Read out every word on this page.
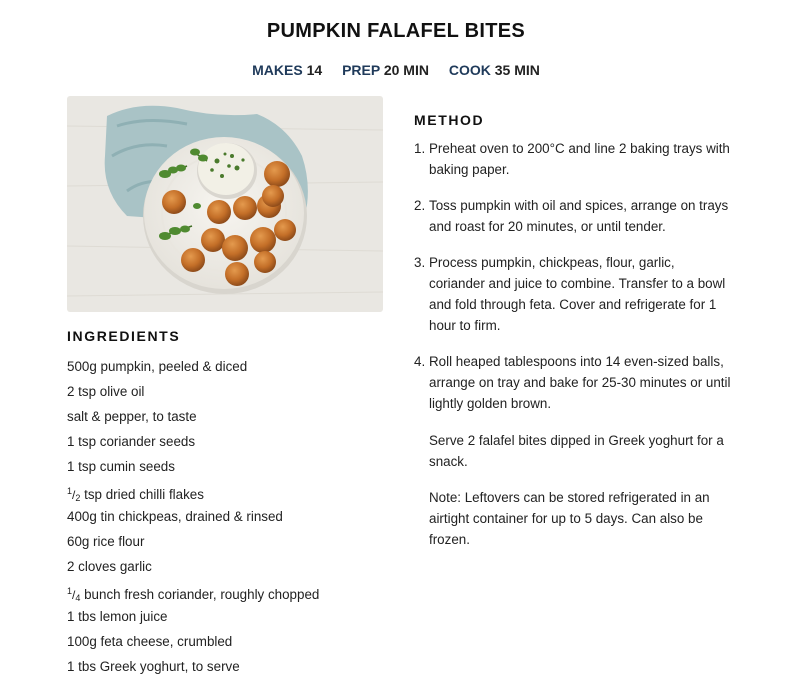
PUMPKIN FALAFEL BITES
MAKES 14 PREP 20 MIN COOK 35 MIN
INGREDIENTS
500g pumpkin, peeled & diced
2 tsp olive oil
salt & pepper, to taste
1 tsp coriander seeds
1 tsp cumin seeds
$^1/_2$ tsp dried chilli flakes
400g tin chickpeas, drained & rinsed
60g rice flour
2 cloves garlic
$^1/_4$ bunch fresh coriander, roughly chopped
1 tbs lemon juice
100g feta cheese, crumbled
1 tbs Greek yoghurt, to serve
METHOD
1. Preheat oven to 200°C and line 2 baking trays with baking paper.
2. Toss pumpkin with oil and spices, arrange on trays and roast for 20 minutes, or until tender.
3. Process pumpkin, chickpeas, flour, garlic, coriander and juice to combine. Transfer to a bowl and fold through feta. Cover and refrigerate for 1 hour to firm.
4. Roll heaped tablespoons into 14 even-sized balls, arrange on tray and bake for 25-30 minutes or until lightly golden brown.

Serve 2 falafel bites dipped in Greek yoghurt for a snack.

Note: Leftovers can be stored refrigerated in an airtight container for up to 5 days. Can also be frozen.
